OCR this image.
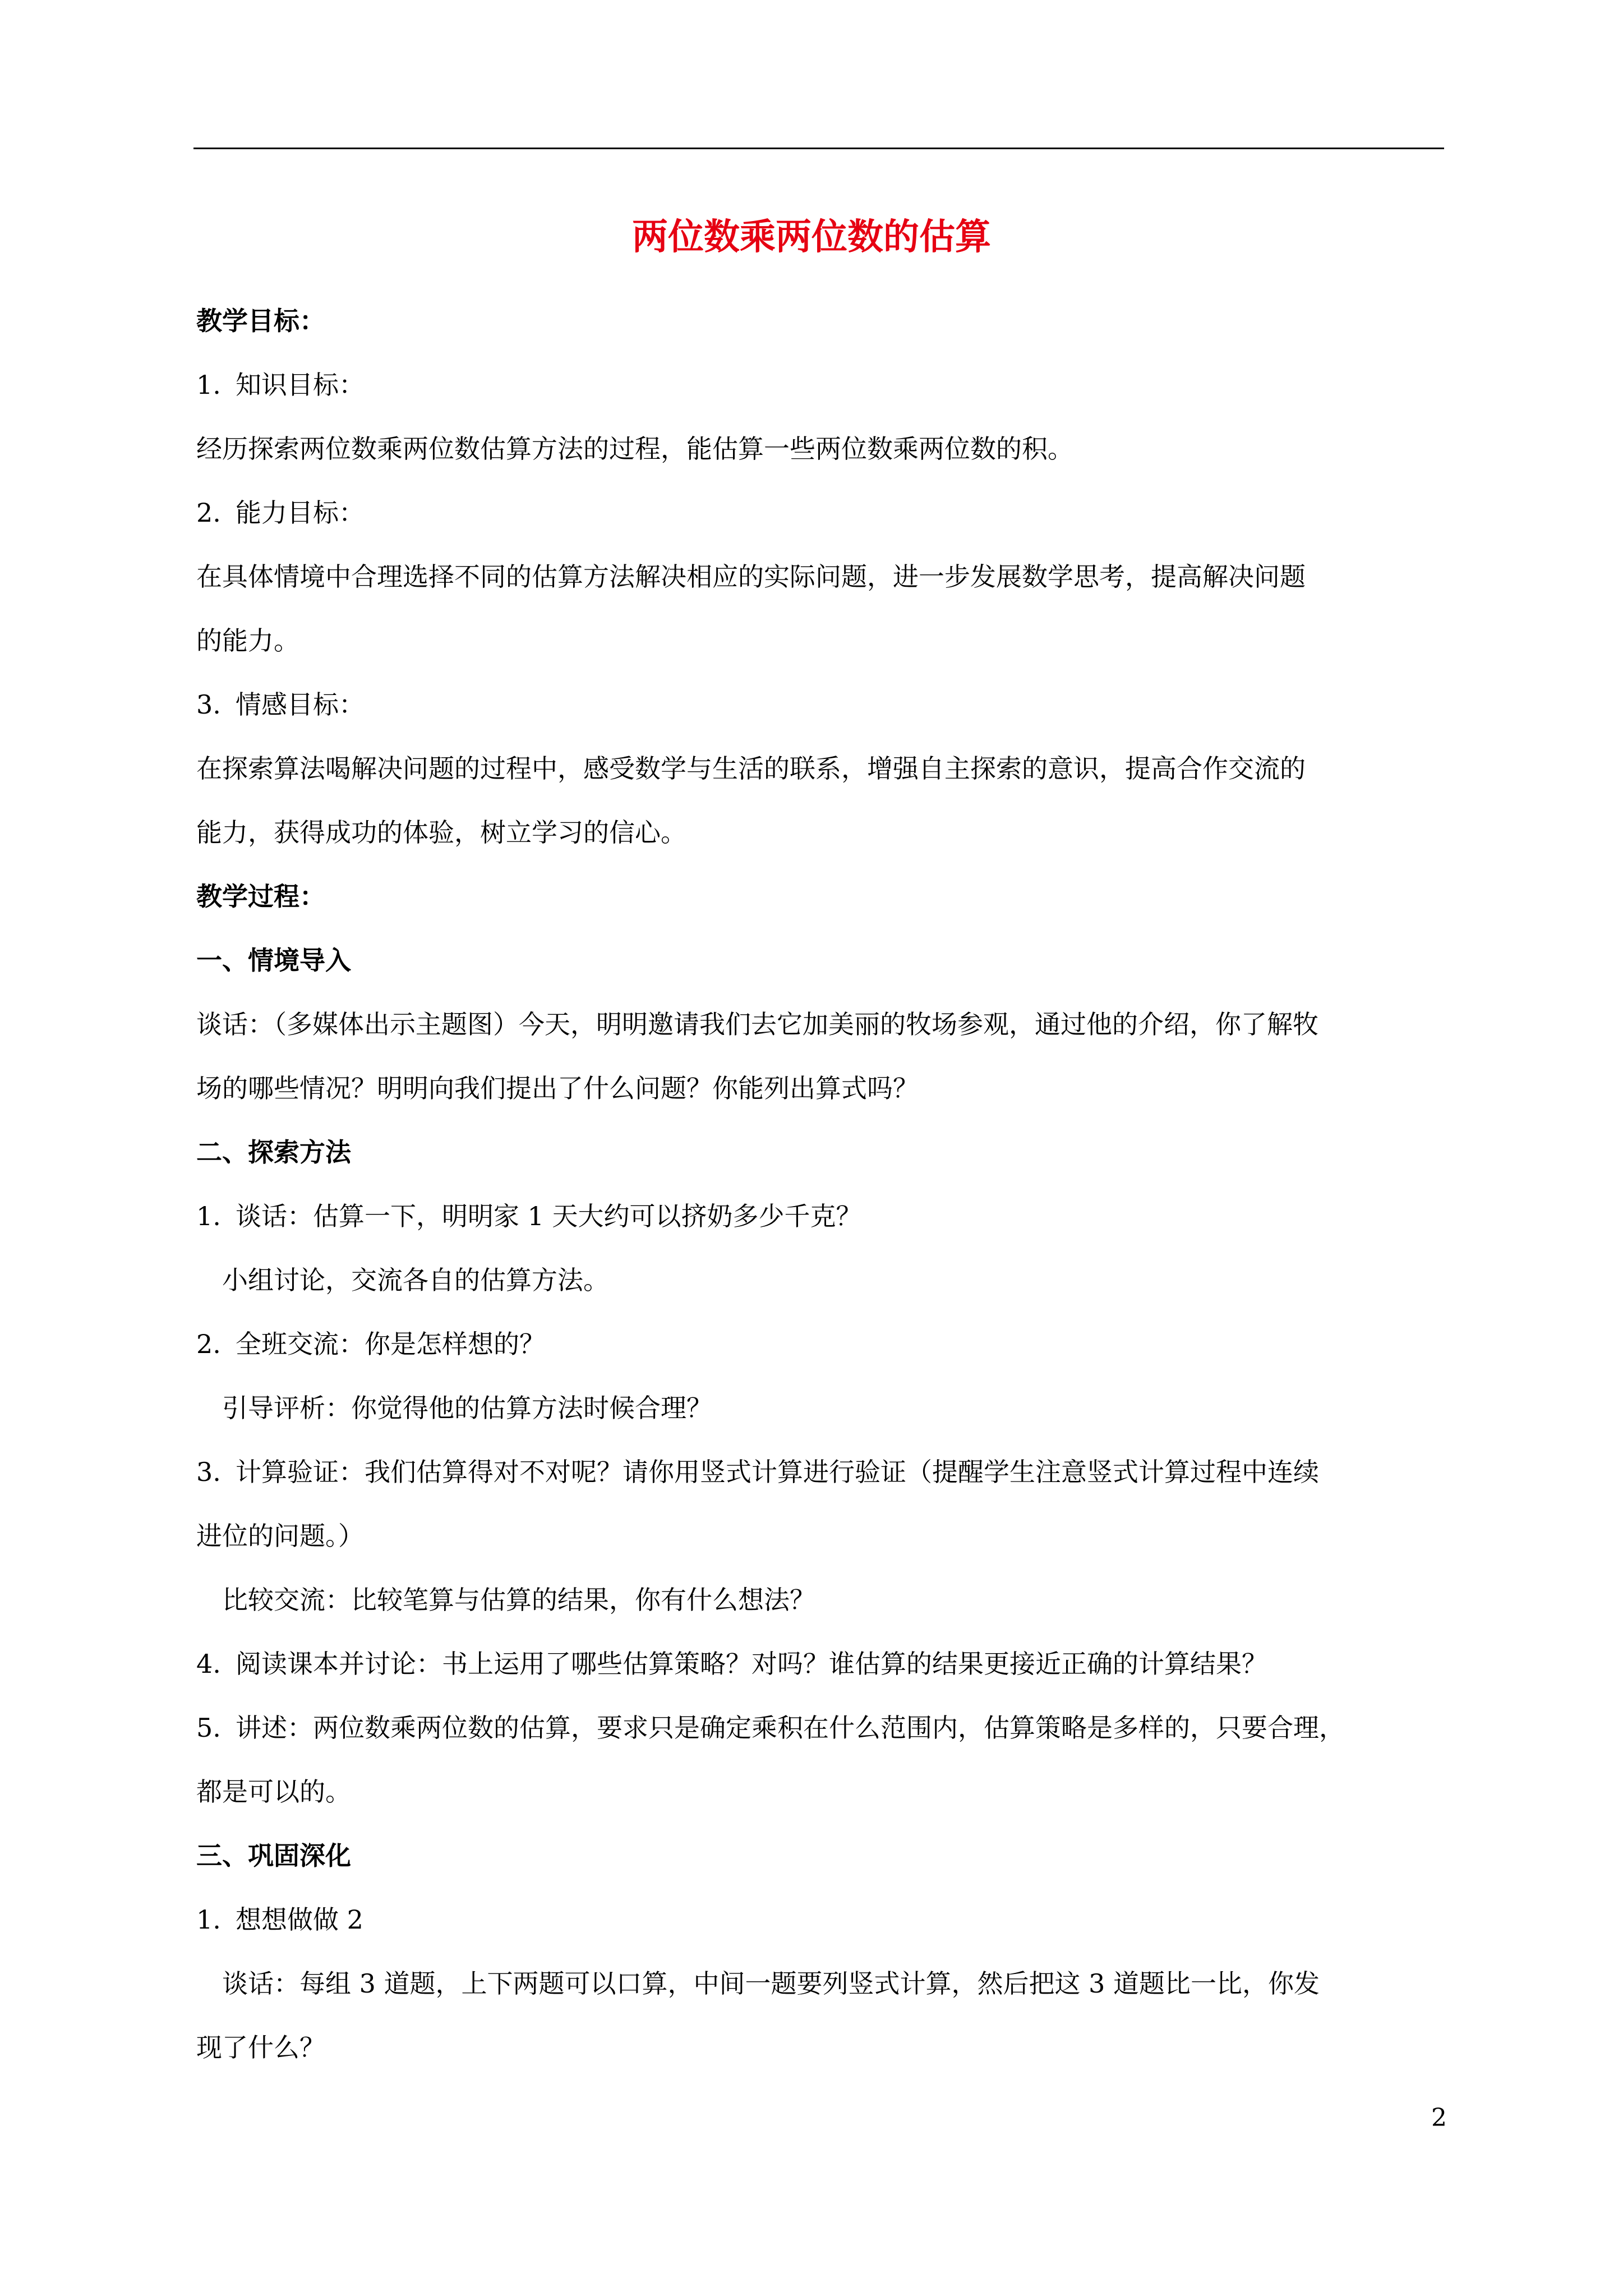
两位数乘两位数的估算

教学目标：

1. 知识目标：

经历探索两位数乘两位数估算方法的过程，能估算一些两位数乘两位数的积。

2. 能力目标：

在具体情境中合理选择不同的估算方法解决相应的实际问题，进一步发展数学思考，提高解决问题

的能力。

3. 情感目标：

在探索算法喝解决问题的过程中，感受数学与生活的联系，增强自主探索的意识，提高合作交流的

能力，获得成功的体验，树立学习的信心。

教学过程：

一、情境导入

谈话：（多媒体出示主题图）今天，明明邀请我们去它加美丽的牧场参观，通过他的介绍，你了解牧

场的哪些情况？明明向我们提出了什么问题？你能列出算式吗？

二、探索方法

1. 谈话：估算一下，明明家 1 天大约可以挤奶多少千克？

小组讨论，交流各自的估算方法。

2. 全班交流：你是怎样想的？

引导评析：你觉得他的估算方法时候合理？

3. 计算验证：我们估算得对不对呢？请你用竖式计算进行验证（提醒学生注意竖式计算过程中连续

进位的问题。）

比较交流：比较笔算与估算的结果，你有什么想法？

4. 阅读课本并讨论：书上运用了哪些估算策略？对吗？谁估算的结果更接近正确的计算结果？

5. 讲述：两位数乘两位数的估算，要求只是确定乘积在什么范围内，估算策略是多样的，只要合理，

都是可以的。

三、巩固深化

1. 想想做做 2

谈话：每组 3 道题，上下两题可以口算，中间一题要列竖式计算，然后把这 3 道题比一比，你发

现了什么？

2
